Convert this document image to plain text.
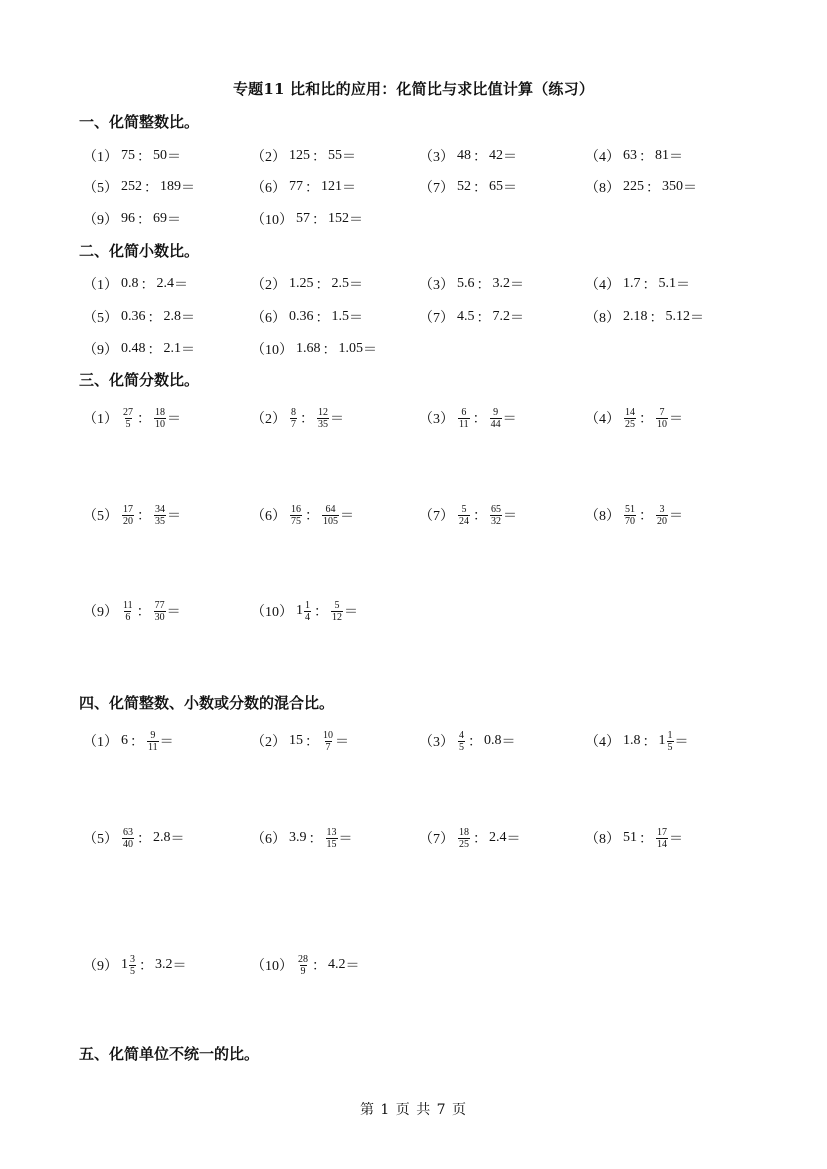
专题11 比和比的应用：化简比与求比值计算（练习）
一、化简整数比。
（1） 75 ： 50 ＝	（2） 125 ： 55 ＝	（3） 48 ： 42 ＝	（4） 63 ： 81 ＝
（5） 252 ： 189 ＝	（6） 77 ： 121 ＝	（7） 52 ： 65 ＝	（8） 225 ： 350 ＝
（9） 96 ： 69 ＝	（10） 57 ： 152 ＝
二、化简小数比。
（1） 0.8 ： 2.4 ＝	（2） 1.25 ： 2.5 ＝	（3） 5.6 ： 3.2 ＝	（4） 1.7 ： 5.1 ＝
（5） 0.36 ： 2.8 ＝	（6） 0.36 ： 1.5 ＝	（7） 4.5 ： 7.2 ＝	（8） 2.18 ： 5.12 ＝
（9） 0.48 ： 2.1 ＝	（10） 1.68 ： 1.05 ＝
三、化简分数比。
$(1) \frac{27}{5}$ ： $\frac{18}{10}$ ＝	$(2) \frac{8}{7}$ ： $\frac{12}{35}$ ＝	$(3) \frac{6}{11}$ ： $\frac{9}{44}$ ＝	$(4) \frac{14}{25}$ ： $\frac{7}{10}$ ＝
$(5) \frac{17}{20}$ ： $\frac{34}{35}$ ＝	$(6) \frac{16}{75}$ ： $\frac{64}{105}$ ＝	$(7) \frac{5}{24}$ ： $\frac{65}{32}$ ＝	$(8) \frac{51}{70}$ ： $\frac{3}{20}$ ＝
$(9) \frac{11}{6}$ ： $\frac{77}{30}$ ＝	（10） $1 \frac{1}{4}$ ： $\frac{5}{12}$ ＝
四、化简整数、小数或分数的混合比。
（1） 6 ： $\frac{9}{11}$ ＝	（2） 15 ： $\frac{10}{7}$ ＝	$(3) \frac{4}{5}$ ： 0.8 ＝	（4） 1.8 ： $1 \frac{1}{5}$ ＝
$(5) \frac{63}{40}$ ： 2.8 ＝	（6） 3.9 ： $\frac{13}{15}$ ＝	$(7) \frac{18}{25}$ ： 2.4 ＝	（8） 51 ： $\frac{17}{14}$ ＝
（9） $1 \frac{3}{5}$ ： 3.2 ＝	$(10) \frac{28}{9}$ ： 4.2 ＝
五、化简单位不统一的比。
第 1 页 共 7 页
